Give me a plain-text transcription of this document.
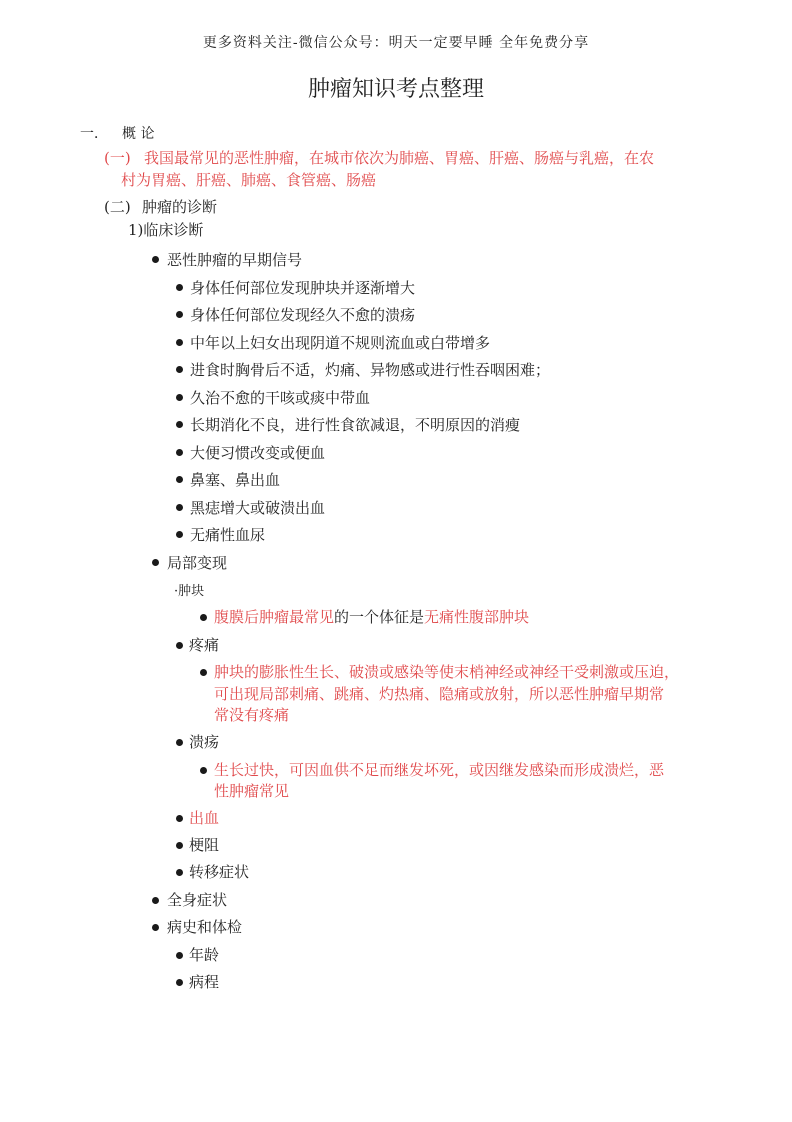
更多资料关注-微信公众号：明天一定要早睡 全年免费分享
肿瘤知识考点整理
一． 概 论
(一) 我国最常见的恶性肿瘤，在城市依次为肺癌、胃癌、肝癌、肠癌与乳癌，在农
村为胃癌、肝癌、肺癌、食管癌、肠癌
(二) 肿瘤的诊断
1)临床诊断
恶性肿瘤的早期信号
身体任何部位发现肿块并逐渐增大
身体任何部位发现经久不愈的溃疡
中年以上妇女出现阴道不规则流血或白带增多
进食时胸骨后不适，灼痛、异物感或进行性吞咽困难；
久治不愈的干咳或痰中带血
长期消化不良，进行性食欲减退，不明原因的消瘦
大便习惯改变或便血
鼻塞、鼻出血
黑痣增大或破溃出血
无痛性血尿
局部变现
·肿块
腹膜后肿瘤最常见的一个体征是无痛性腹部肿块
疼痛
肿块的膨胀性生长、破溃或感染等使末梢神经或神经干受刺激或压迫，
可出现局部刺痛、跳痛、灼热痛、隐痛或放射，所以恶性肿瘤早期常
常没有疼痛
溃疡
生长过快，可因血供不足而继发坏死，或因继发感染而形成溃烂，恶
性肿瘤常见
出血
梗阻
转移症状
全身症状
病史和体检
年龄
病程
